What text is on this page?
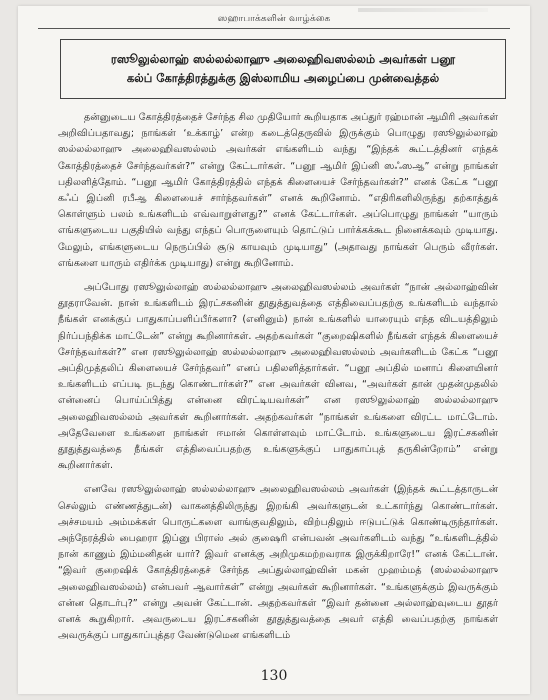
ஸஹாபாக்களின் வாழ்க்கை
ரஸூலுல்லாஹ் ஸல்லல்லாஹு அலைஹிவஸல்லம் அவர்கள் பனூ
கல்ப் கோத்திரத்துக்கு இஸ்லாமிய அழைப்பை முன்வைத்தல்

தன்னுடைய கோத்திரத்தைச் சேர்ந்த சில முதியோர் கூறியதாக அப்துர் ரஹ்மான் ஆமிரி அவர்கள் அறிவிப்பதாவது; நாங்கள் ‘உக்காழ்’ என்ற கடைத்தெருவில் இருக்கும் பொழுது ரஸூலுல்லாஹ் ஸல்லல்லாஹு அலைஹிவஸல்லம் அவர்கள் எங்களிடம் வந்து “இந்தக் கூட்டத்தினர் எந்தக் கோத்திரத்தைச் சேர்ந்தவர்கள்?” என்று கேட்டார்கள். “பனூ ஆமிர் இப்னி ஸஃஸஆ” என்று நாங்கள் பதிலளித்தோம். “பனூ ஆமிர் கோத்திரத்தில் எந்தக் கிளையைச் சேர்ந்தவர்கள்?” எனக் கேட்க “பனூ கஃப் இப்னி ரபீஆ கிளையைச் சார்ந்தவர்கள்” எனக் கூறினோம். “எதிரிகளிலிருந்து தற்காத்துக் கொள்ளும் பலம் உங்களிடம் எவ்வாறுள்ளது?” எனக் கேட்டார்கள். அப்பொழுது நாங்கள் “யாரும் எங்களுடைய பகுதியில் வந்து எந்தப் பொருளையும் தொட்டுப் பார்க்கக்கூட நினைக்கவும் முடியாது. மேலும், எங்களுடைய நெருப்பில் சூடு காயவும் முடியாது” (அதாவது நாங்கள் பெரும் வீரர்கள். எங்களை யாரும் எதிர்க்க முடியாது) என்று கூறினோம்.

அப்போது ரஸூலுல்லாஹ் ஸல்லல்லாஹு அலைஹிவஸல்லம் அவர்கள் “நான் அல்லாஹ்வின் தூதராவேன். நான் உங்களிடம் இரட்சகனின் தூதுத்துவத்தை எத்திவைப்பதற்கு உங்களிடம் வந்தால் நீங்கள் எனக்குப் பாதுகாப்பளிப்பீர்களா? (எனினும்) நான் உங்களில் யாரையும் எந்த விடயத்திலும் நிர்ப்பந்திக்க மாட்டேன்” என்று கூறினார்கள். அதற்கவர்கள் “குறைஷிகளில் நீங்கள் எந்தக் கிளையைச் சேர்ந்தவர்கள்?” என ரஸூலுல்லாஹ் ஸல்லல்லாஹு அலைஹிவஸல்லம் அவர்களிடம் கேட்க “பனூ அப்திமுத்தலிப் கிளையைச் சேர்ந்தவர்” எனப் பதிலளித்தார்கள். “பனூ அப்தில் மனாப் கிளையினர் உங்களிடம் எப்படி நடந்து கொண்டார்கள்?” என அவர்கள் வினவ, “அவர்கள் தான் முதன்முதலில் என்னைப் பொய்ப்பித்து என்னை விரட்டியவர்கள்” என ரஸூலுல்லாஹ் ஸல்லல்லாஹு அலைஹிவஸல்லம் அவர்கள் கூறினார்கள். அதற்கவர்கள் “நாங்கள் உங்களை விரட்ட மாட்டோம். அதேவேளை உங்களை நாங்கள் ஈமான் கொள்ளவும் மாட்டோம். உங்களுடைய இரட்சகனின் தூதுத்துவத்தை நீங்கள் எத்திவைப்பதற்கு உங்களுக்குப் பாதுகாப்புத் தருகின்றோம்” என்று கூறினார்கள்.

எனவே ரஸூலுல்லாஹ் ஸல்லல்லாஹு அலைஹிவஸல்லம் அவர்கள் (இந்தக் கூட்டத்தாருடன் செல்லும் எண்ணத்துடன்) வாகனத்திலிருந்து இறங்கி அவர்களுடன் உட்கார்ந்து கொண்டார்கள். அச்சமயம் அம்மக்கள் பொருட்களை வாங்குவதிலும், விற்பதிலும் ஈடுபட்டுக் கொண்டிருந்தார்கள். அந்நேரத்தில் பைஹரா இப்னு பிராஸ் அல் குஷைரி என்பவன் அவர்களிடம் வந்து “உங்களிடத்தில் நான் காணும் இம்மனிதன் யார்? இவர் எனக்கு அறிமுகமற்றவராக இருக்கிறாரே!” எனக் கேட்டான். “இவர் குறைஷிக் கோத்திரத்தைச் சேர்ந்த அப்துல்லாஹ்வின் மகன் முஹம்மத் (ஸல்லல்லாஹு அலைஹிவஸல்லம்) என்பவர் ஆவார்கள்” என்று அவர்கள் கூறினார்கள். “உங்களுக்கும் இவருக்கும் என்ன தொடர்பு?” என்று அவன் கேட்டான். அதற்கவர்கள் “இவர் தன்னை அல்லாஹ்வுடைய தூதர் எனக் கூறுகிறார். அவருடைய இரட்சகனின் தூதுத்துவத்தை அவர் எத்தி வைப்பதற்கு நாங்கள் அவருக்குப் பாதுகாப்புத்தர வேண்டுமென எங்களிடம்

130
